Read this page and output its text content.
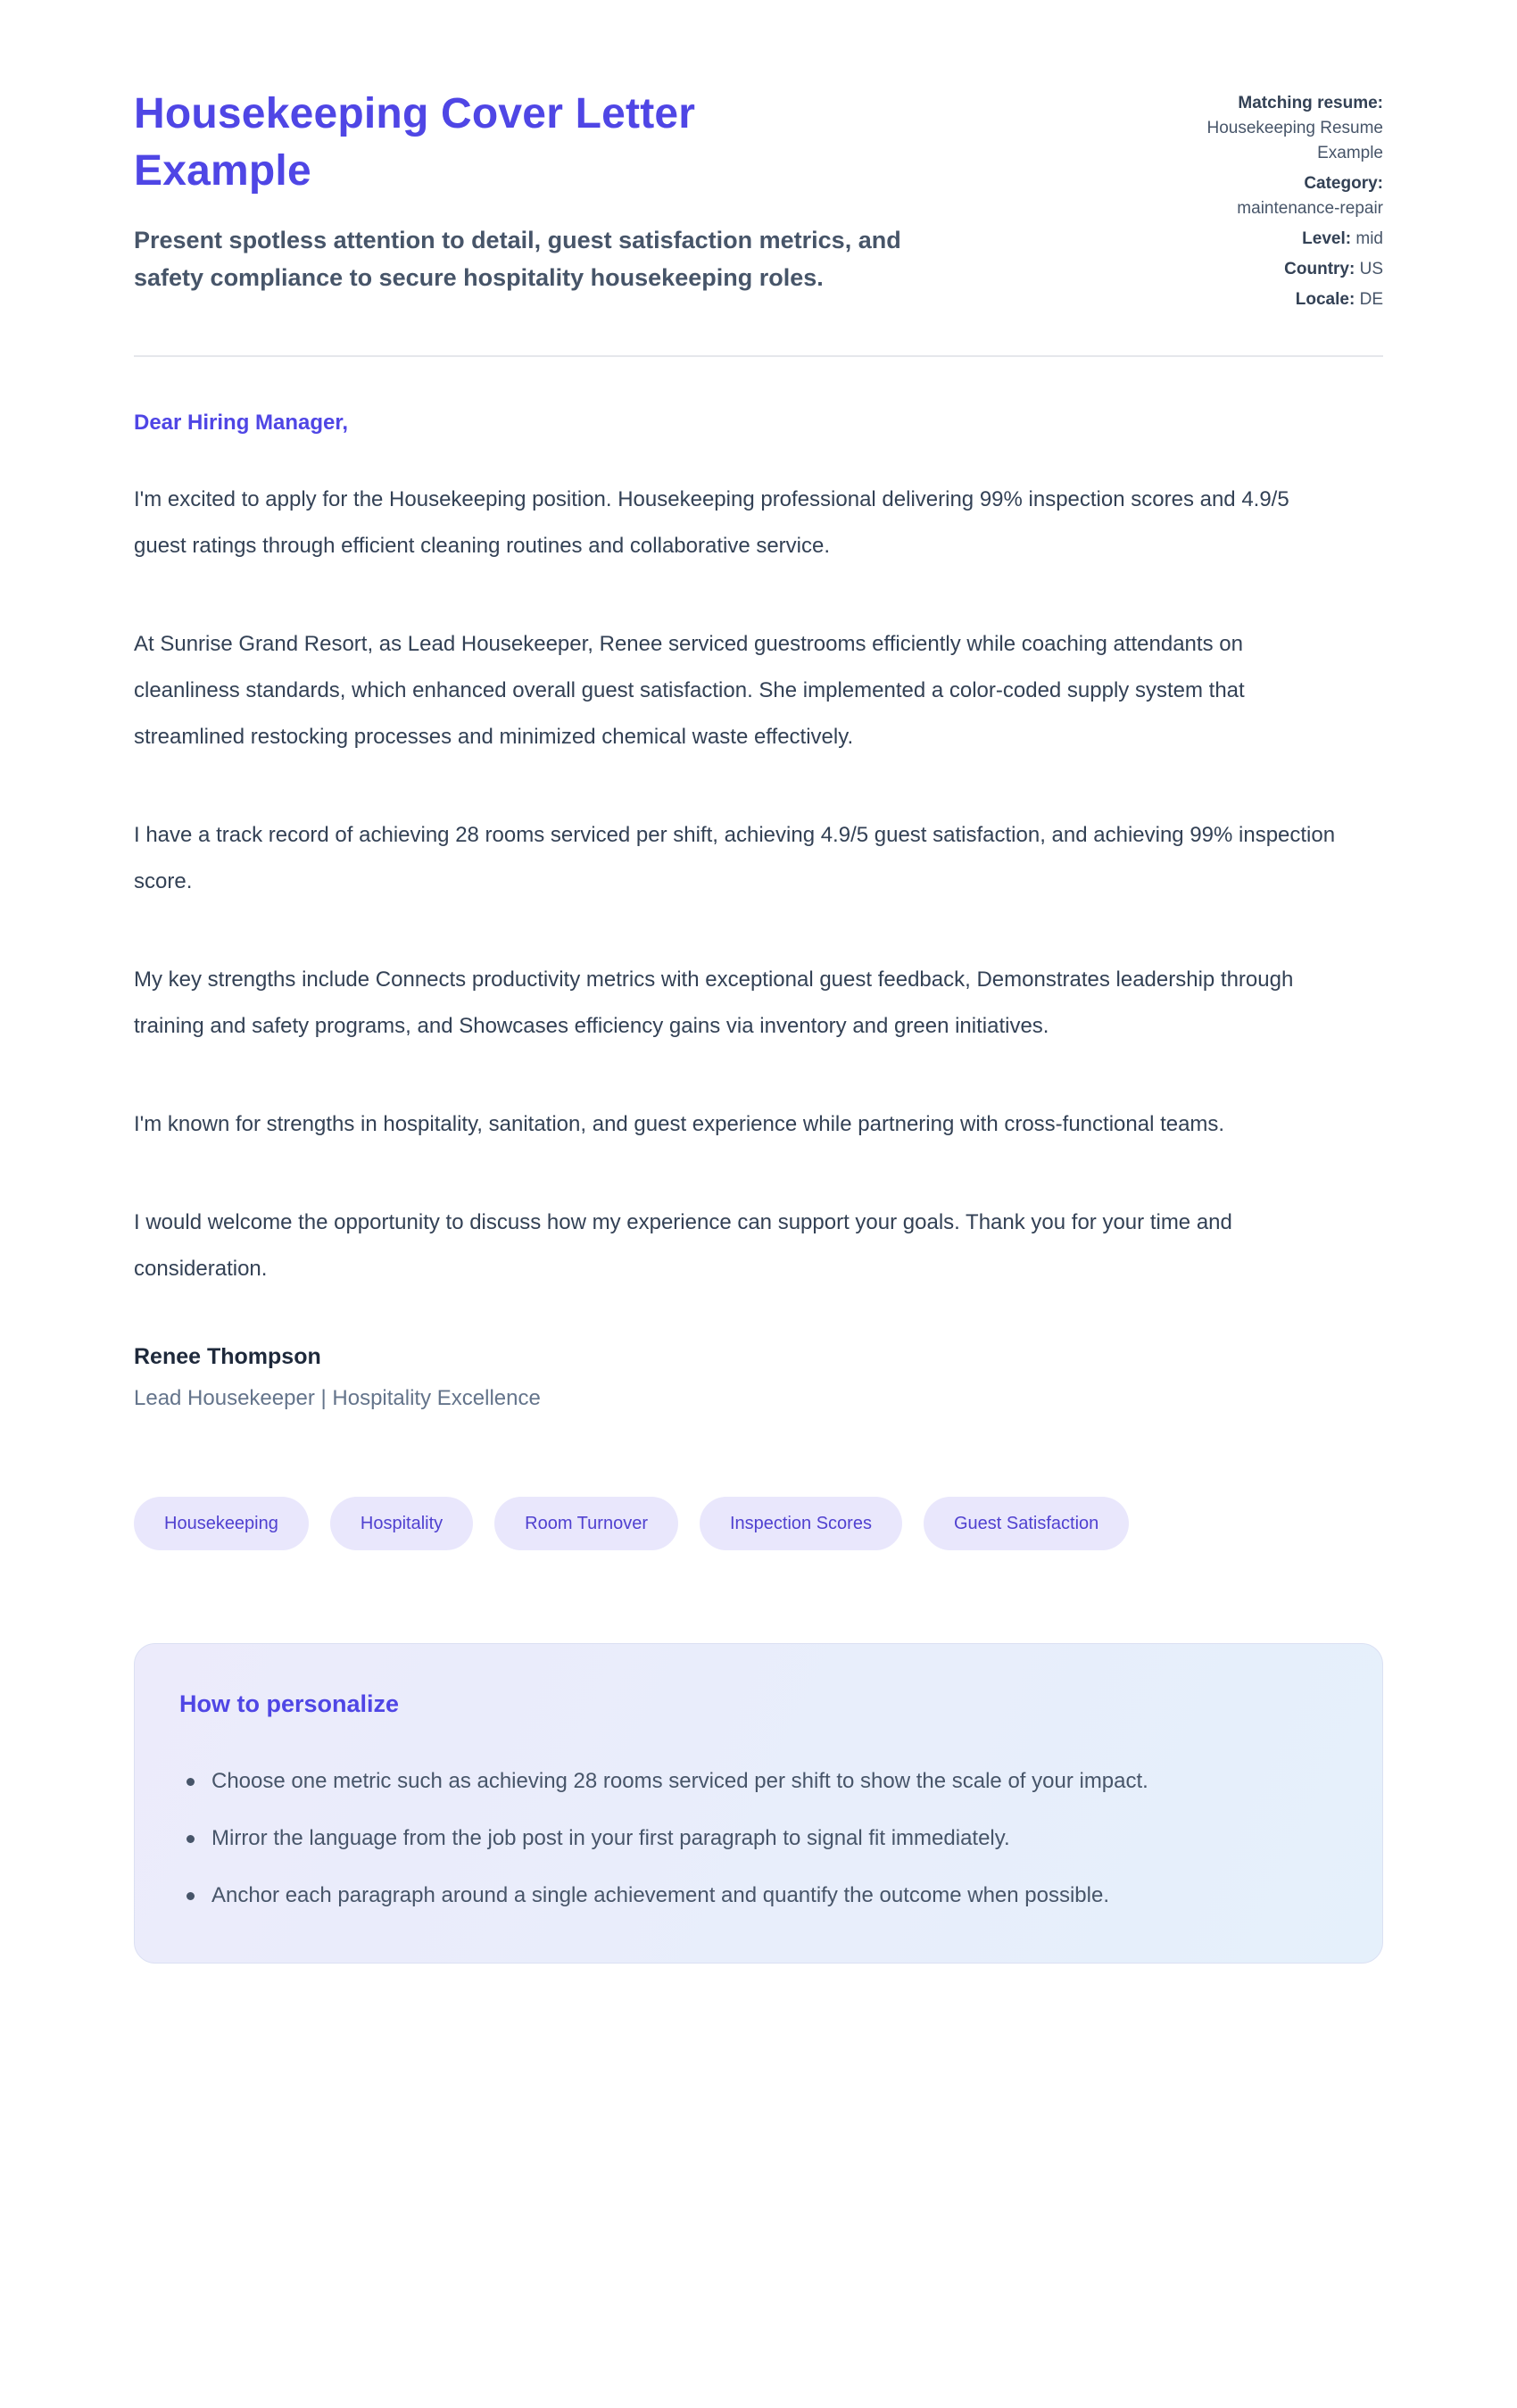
Housekeeping Cover Letter Example

Present spotless attention to detail, guest satisfaction metrics, and safety compliance to secure hospitality housekeeping roles.

Matching resume:
Housekeeping Resume Example
Category:
maintenance-repair
Level: mid
Country: US
Locale: DE

Dear Hiring Manager,

I'm excited to apply for the Housekeeping position. Housekeeping professional delivering 99% inspection scores and 4.9/5 guest ratings through efficient cleaning routines and collaborative service.

At Sunrise Grand Resort, as Lead Housekeeper, Renee serviced guestrooms efficiently while coaching attendants on cleanliness standards, which enhanced overall guest satisfaction. She implemented a color-coded supply system that streamlined restocking processes and minimized chemical waste effectively.

I have a track record of achieving 28 rooms serviced per shift, achieving 4.9/5 guest satisfaction, and achieving 99% inspection score.

My key strengths include Connects productivity metrics with exceptional guest feedback, Demonstrates leadership through training and safety programs, and Showcases efficiency gains via inventory and green initiatives.

I'm known for strengths in hospitality, sanitation, and guest experience while partnering with cross-functional teams.

I would welcome the opportunity to discuss how my experience can support your goals. Thank you for your time and consideration.

Renee Thompson

Lead Housekeeper | Hospitality Excellence

Housekeeping	Hospitality	Room Turnover	Inspection Scores	Guest Satisfaction
How to personalize
Choose one metric such as achieving 28 rooms serviced per shift to show the scale of your impact.
Mirror the language from the job post in your first paragraph to signal fit immediately.
Anchor each paragraph around a single achievement and quantify the outcome when possible.
